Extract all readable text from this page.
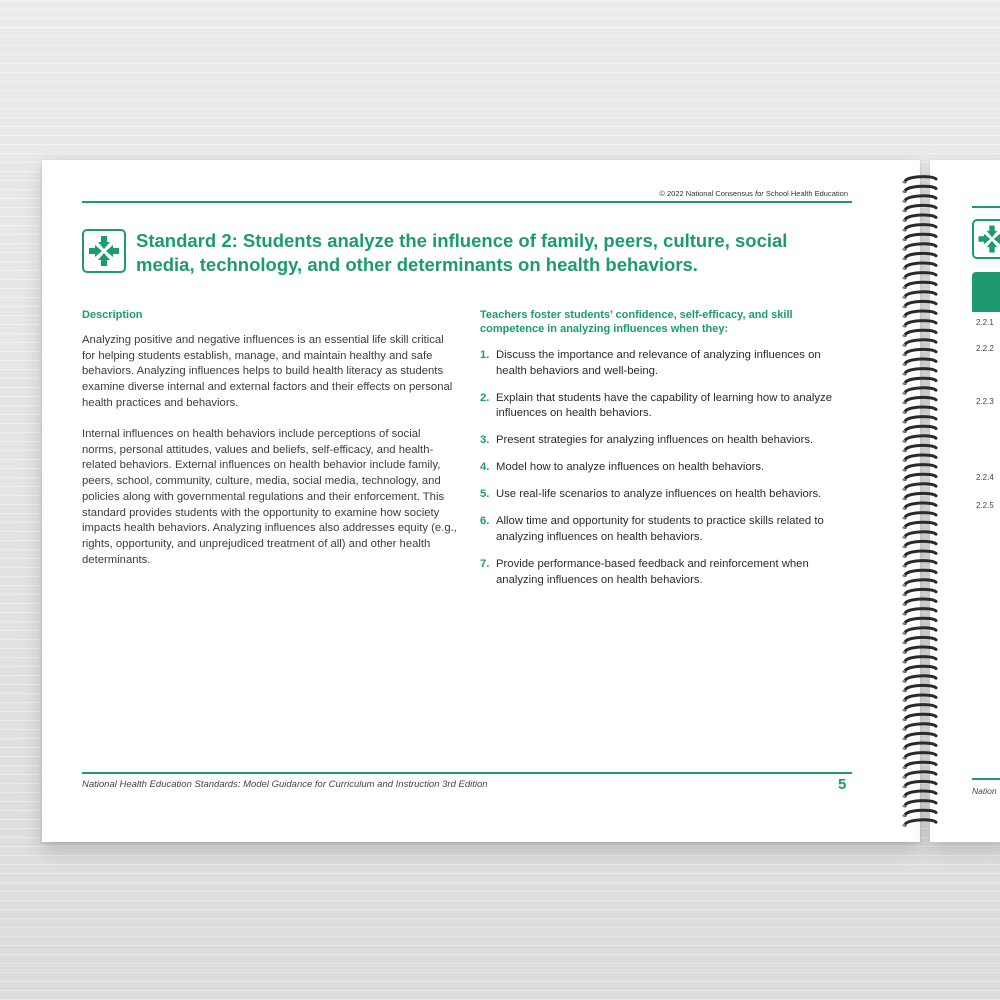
© 2022 National Consensus for School Health Education
Standard 2: Students analyze the influence of family, peers, culture, social media, technology, and other determinants on health behaviors.
Description

Analyzing positive and negative influences is an essential life skill critical for helping students establish, manage, and maintain healthy and safe behaviors. Analyzing influences helps to build health literacy as students examine diverse internal and external factors and their effects on personal health practices and behaviors.

Internal influences on health behaviors include perceptions of social norms, personal attitudes, values and beliefs, self-efficacy, and health-related behaviors. External influences on health behavior include family, peers, school, community, culture, media, social media, technology, and policies along with governmental regulations and their enforcement. This standard provides students with the opportunity to examine how society impacts health behaviors. Analyzing influences also addresses equity (e.g., rights, opportunity, and unprejudiced treatment of all) and other health determinants.

Teachers foster students’ confidence, self-efficacy, and skill
competence in analyzing influences when they:
1. Discuss the importance and relevance of analyzing influences on health behaviors and well-being.
2. Explain that students have the capability of learning how to analyze influences on health behaviors.
3. Present strategies for analyzing influences on health behaviors.
4. Model how to analyze influences on health behaviors.
5. Use real-life scenarios to analyze influences on health behaviors.
6. Allow time and opportunity for students to practice skills related to analyzing influences on health behaviors.
7. Provide performance-based feedback and reinforcement when analyzing influences on health behaviors.
National Health Education Standards: Model Guidance for Curriculum and Instruction 3rd Edition	5
2.2.1
2.2.2
2.2.3
2.2.4
2.2.5
Nation
